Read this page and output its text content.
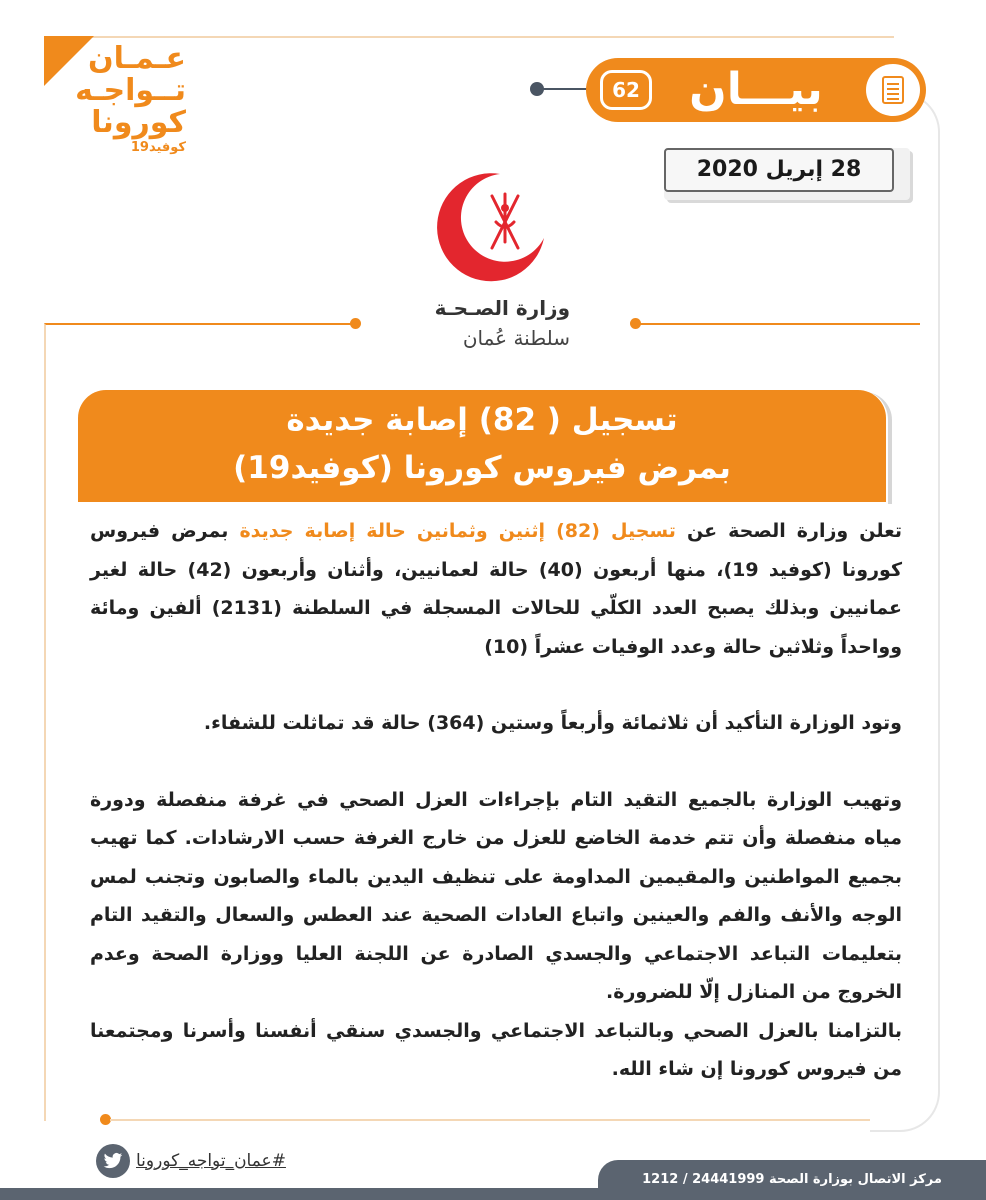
عـمـان
تــواجـه
كورونا
كوفيد19
62 بيـــان
28 إبريل 2020
وزارة الصـحـة
سلطنة عُمان
تسجيل ( 82) إصابة جديدة
بمرض فيروس كورونا (كوفيد19)

تعلن وزارة الصحة عن تسجيل (82) إثنين وثمانين حالة إصابة جديدة بمرض فيروس كورونا (كوفيد 19)، منها أربعون (40) حالة لعمانيين، وأثنان وأربعون (42) حالة لغير عمانيين وبذلك يصبح العدد الكلّي للحالات المسجلة في السلطنة (2131) ألفين ومائة وواحداً وثلاثين حالة وعدد الوفيات عشراً (10)

وتود الوزارة التأكيد أن ثلاثمائة وأربعاً وستين (364) حالة قد تماثلت للشفاء.

وتهيب الوزارة بالجميع التقيد التام بإجراءات العزل الصحي في غرفة منفصلة ودورة مياه منفصلة وأن تتم خدمة الخاضع للعزل من خارج الغرفة حسب الارشادات. كما تهيب بجميع المواطنين والمقيمين المداومة على تنظيف اليدين بالماء والصابون وتجنب لمس الوجه والأنف والفم والعينين واتباع العادات الصحية عند العطس والسعال والتقيد التام بتعليمات التباعد الاجتماعي والجسدي الصادرة عن اللجنة العليا ووزارة الصحة وعدم الخروج من المنازل إلّا للضرورة.

بالتزامنا بالعزل الصحي وبالتباعد الاجتماعي والجسدي سنقي أنفسنا وأسرنا ومجتمعنا من فيروس كورونا إن شاء الله.

#عمان_تواجه_كورونا
مركز الاتصال بوزارة الصحة 24441999 / 1212
